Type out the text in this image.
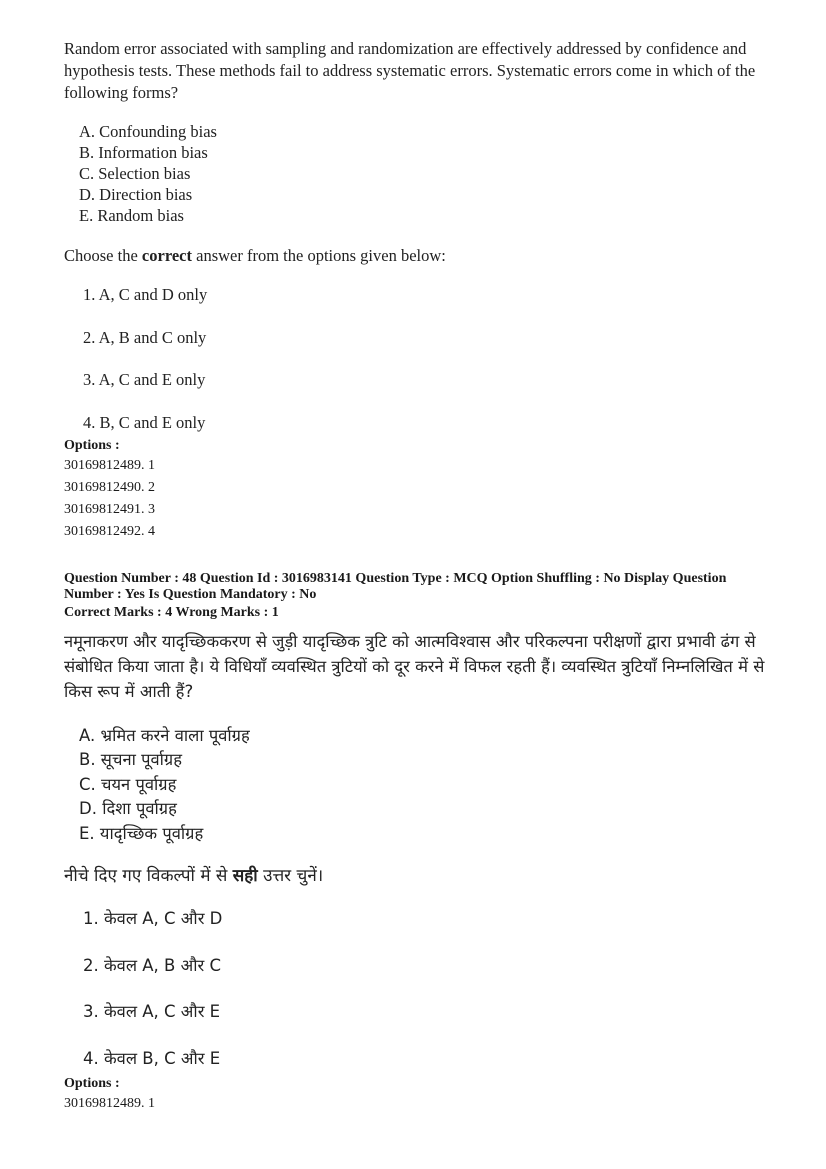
Random error associated with sampling and randomization are effectively addressed by confidence and hypothesis tests. These methods fail to address systematic errors. Systematic errors come in which of the following forms?

A. Confounding bias
B. Information bias
C. Selection bias
D. Direction bias
E. Random bias
Choose the correct answer from the options given below:
1. A, C and D only
2. A, B and C only
3. A, C and E only
4. B, C and E only
Options :
30169812489. 1
30169812490. 2
30169812491. 3
30169812492. 4
Question Number : 48 Question Id : 3016983141 Question Type : MCQ Option Shuffling : No Display Question
Number : Yes Is Question Mandatory : No
Correct Marks : 4 Wrong Marks : 1

नमूनाकरण और यादृच्छिककरण से जुड़ी यादृच्छिक त्रुटि को आत्मविश्वास और परिकल्पना परीक्षणों द्वारा प्रभावी ढंग से संबोधित किया जाता है। ये विधियाँ व्यवस्थित त्रुटियों को दूर करने में विफल रहती हैं। व्यवस्थित त्रुटियाँ निम्नलिखित में से किस रूप में आती हैं?

A. भ्रमित करने वाला पूर्वाग्रह
B. सूचना पूर्वाग्रह
C. चयन पूर्वाग्रह
D. दिशा पूर्वाग्रह
E. यादृच्छिक पूर्वाग्रह
नीचे दिए गए विकल्पों में से सही उत्तर चुनें।
1. केवल A, C और D
2. केवल A, B और C
3. केवल A, C और E
4. केवल B, C और E
Options :
30169812489. 1
